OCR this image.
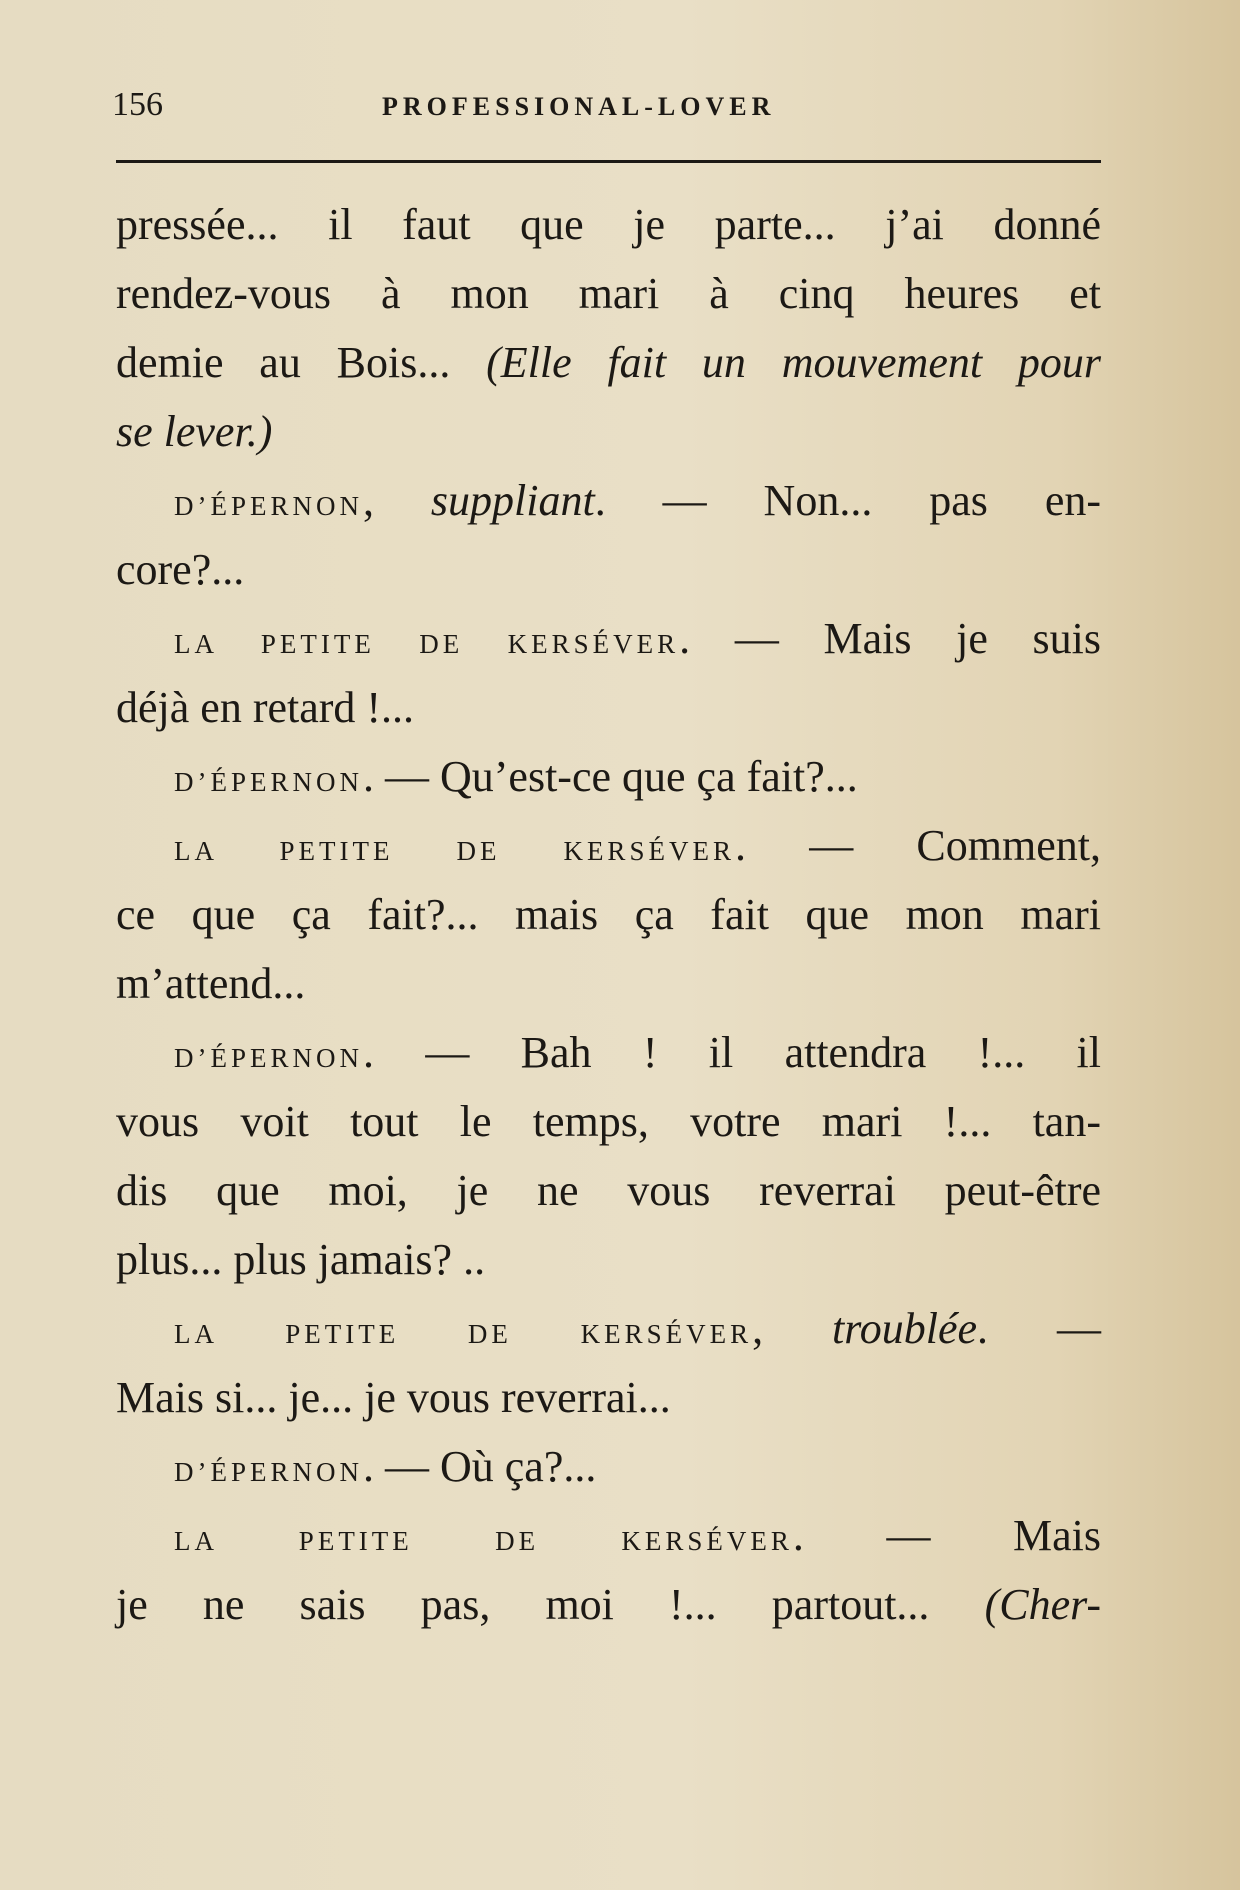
156	PROFESSIONAL-LOVER
pressée... il faut que je parte... j’ai donné
rendez-vous à mon mari à cinq heures et
demie au Bois... (Elle fait un mouvement pour
se lever.)
D’ÉPERNON, suppliant. — Non... pas en-
core?...
LA PETITE DE KERSÉVER. — Mais je suis
déjà en retard !...
D’ÉPERNON. — Qu’est-ce que ça fait?...
LA PETITE DE KERSÉVER. — Comment,
ce que ça fait?... mais ça fait que mon mari
m’attend...
D’ÉPERNON. — Bah ! il attendra !... il
vous voit tout le temps, votre mari !... tan-
dis que moi, je ne vous reverrai peut-être
plus... plus jamais? ..
LA PETITE DE KERSÉVER, troublée. —
Mais si... je... je vous reverrai...
D’ÉPERNON. — Où ça?...
LA PETITE DE KERSÉVER. — Mais
je ne sais pas, moi !... partout... (Cher-
